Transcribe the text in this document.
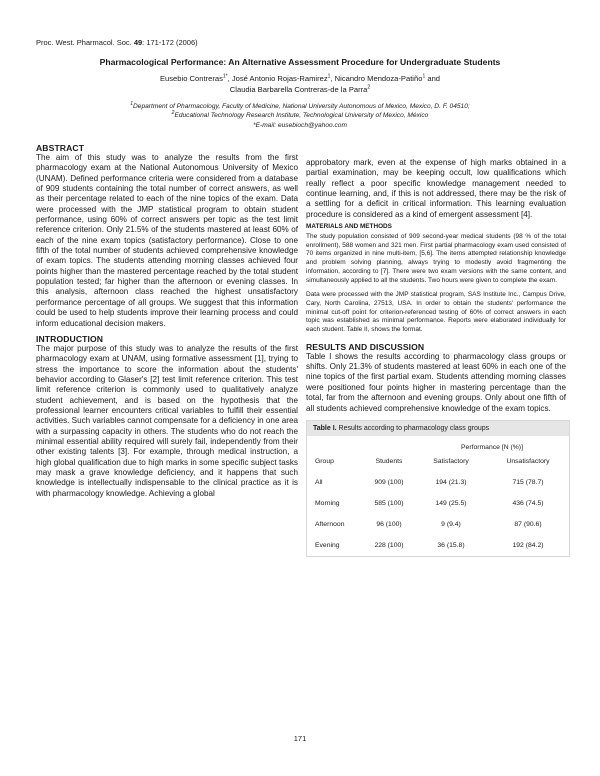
Proc. West. Pharmacol. Soc. 49: 171-172 (2006)
Pharmacological Performance: An Alternative Assessment Procedure for Undergraduate Students
Eusebio Contreras$^{1*}$, José Antonio Rojas-Ramirez$^1$, Nicandro Mendoza-Patiño$^1$ and
Claudia Barbarella Contreras-de la Parra$^2$
$^1$Department of Pharmacology, Faculty of Medicine, National University Autonomous of Mexico, Mexico, D. F. 04510;
$^2$Educational Technology Research Institute, Technological University of Mexico, México
*E-mail: eusebioch@yahoo.com
ABSTRACT

The aim of this study was to analyze the results from the first pharmacology exam at the National Autonomous University of Mexico (UNAM). Defined performance criteria were considered from a database of 909 students containing the total number of correct answers, as well as their percentage related to each of the nine topics of the exam. Data were processed with the JMP statistical program to obtain student performance, using 60% of correct answers per topic as the test limit reference criterion. Only 21.5% of the students mastered at least 60% of each of the nine exam topics (satisfactory performance). Close to one fifth of the total number of students achieved comprehensive knowledge of exam topics. The students attending morning classes achieved four points higher than the mastered percentage reached by the total student population tested; far higher than the afternoon or evening classes. In this analysis, afternoon class reached the highest unsatisfactory performance percentage of all groups. We suggest that this information could be used to help students improve their learning process and could inform educational decision makers.

INTRODUCTION

The major purpose of this study was to analyze the results of the first pharmacology exam at UNAM, using formative assessment [1], trying to stress the importance to score the information about the students' behavior according to Glaser's [2] test limit reference criterion. This test limit reference criterion is commonly used to qualitatively analyze student achievement, and is based on the hypothesis that the professional learner encounters critical variables to fulfill their essential activities. Such variables cannot compensate for a deficiency in one area with a surpassing capacity in others. The students who do not reach the minimal essential ability required will surely fail, independently from their other existing talents [3]. For example, through medical instruction, a high global qualification due to high marks in some specific subject tasks may mask a grave knowledge deficiency, and it happens that such knowledge is intellectually indispensable to the clinical practice as it is with pharmacology knowledge. Achieving a global

approbatory mark, even at the expense of high marks obtained in a partial examination, may be keeping occult, low qualifications which really reflect a poor specific knowledge management needed to continue learning, and, if this is not addressed, there may be the risk of a settling for a deficit in critical information. This learning evaluation procedure is considered as a kind of emergent assessment [4].

MATERIALS AND METHODS

The study population consisted of 909 second-year medical students (98 % of the total enrollment), 588 women and 321 men. First partial pharmacology exam used consisted of 70 items organized in nine multi-item, [5,6]. The items attempted relationship knowledge and problem solving planning, always trying to modestly avoid fragmenting the information, according to [7]. There were two exam versions with the same content, and simultaneously applied to all the students. Two hours were given to complete the exam.

Data were processed with the JMP statistical program, SAS Institute Inc., Campus Drive, Cary, North Carolina, 27513, USA. In order to obtain the students' performance the minimal cut-off point for criterion-referenced testing of 60% of correct answers in each topic was established as minimal performance. Reports were elaborated individually for each student. Table II, shows the format.

RESULTS AND DISCUSSION

Table I shows the results according to pharmacology class groups or shifts. Only 21.3% of students mastered at least 60% in each one of the nine topics of the first partial exam. Students attending morning classes were positioned four points higher in mastering percentage than the total, far from the afternoon and evening groups. Only about one fifth of all students achieved comprehensive knowledge of the exam topics.

Table I. Results according to pharmacology class groups
		Performance [N (%)]	
Group	Students	Satisfactory	Unsatisfactory
All	909 (100)	194 (21.3)	715 (78.7)
Morning	585 (100)	149 (25.5)	436 (74.5)
Afternoon	96 (100)	9 (9.4)	87 (90.6)
Evening	228 (100)	36 (15.8)	192 (84.2)
171
